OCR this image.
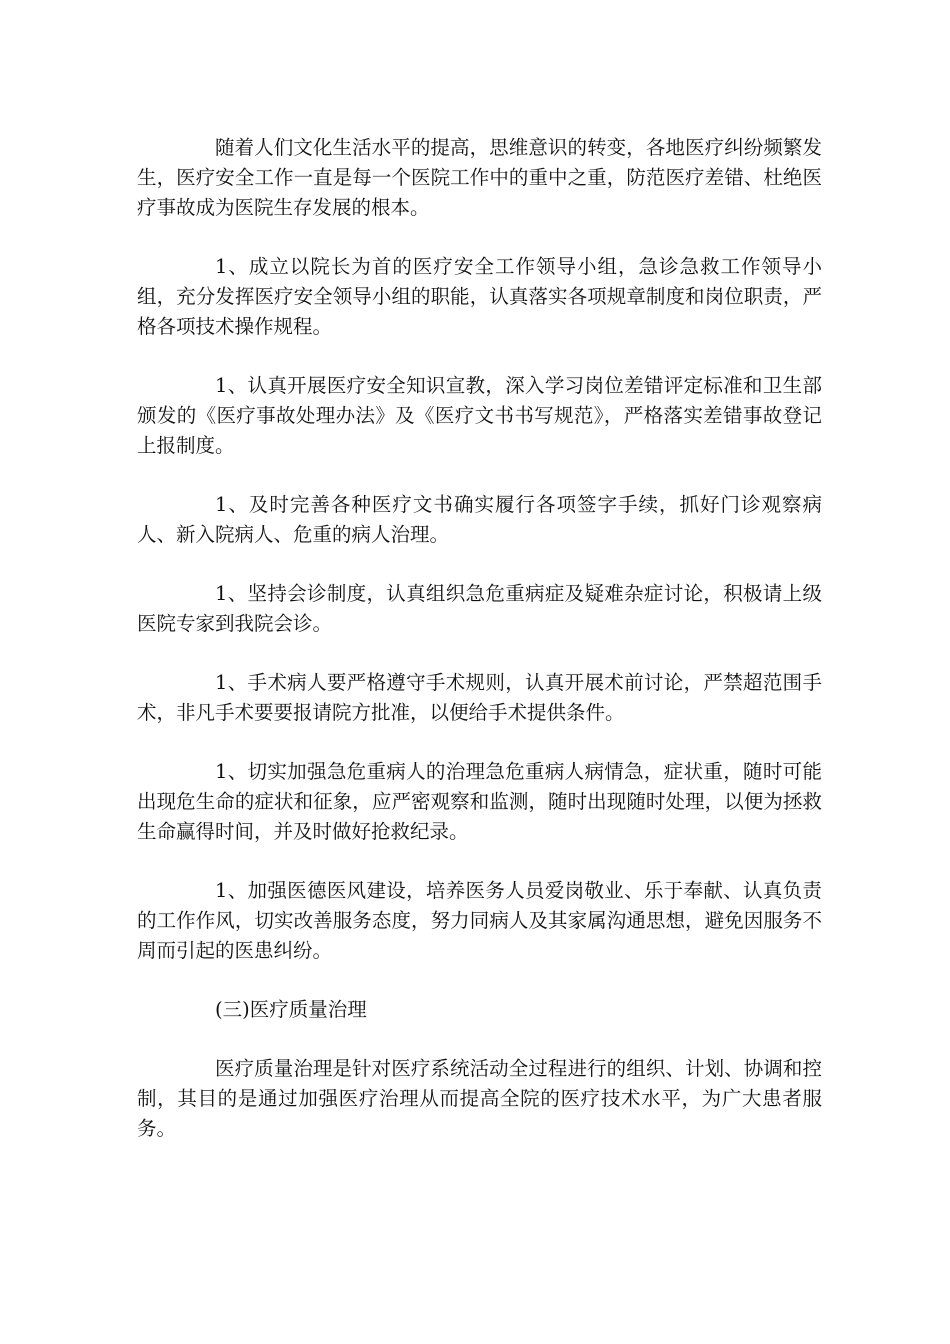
随着人们文化生活水平的提高，思维意识的转变，各地医疗纠纷频繁发生，医疗安全工作一直是每一个医院工作中的重中之重，防范医疗差错、杜绝医疗事故成为医院生存发展的根本。

1、成立以院长为首的医疗安全工作领导小组，急诊急救工作领导小组，充分发挥医疗安全领导小组的职能，认真落实各项规章制度和岗位职责，严格各项技术操作规程。

1、认真开展医疗安全知识宣教，深入学习岗位差错评定标准和卫生部颁发的《医疗事故处理办法》及《医疗文书书写规范》，严格落实差错事故登记上报制度。

1、及时完善各种医疗文书确实履行各项签字手续，抓好门诊观察病人、新入院病人、危重的病人治理。

1、坚持会诊制度，认真组织急危重病症及疑难杂症讨论，积极请上级医院专家到我院会诊。

1、手术病人要严格遵守手术规则，认真开展术前讨论，严禁超范围手术，非凡手术要要报请院方批准，以便给手术提供条件。

1、切实加强急危重病人的治理急危重病人病情急，症状重，随时可能出现危生命的症状和征象，应严密观察和监测，随时出现随时处理，以便为拯救生命赢得时间，并及时做好抢救纪录。

1、加强医德医风建设，培养医务人员爱岗敬业、乐于奉献、认真负责的工作作风，切实改善服务态度，努力同病人及其家属沟通思想，避免因服务不周而引起的医患纠纷。

(三)医疗质量治理

医疗质量治理是针对医疗系统活动全过程进行的组织、计划、协调和控制，其目的是通过加强医疗治理从而提高全院的医疗技术水平，为广大患者服务。
